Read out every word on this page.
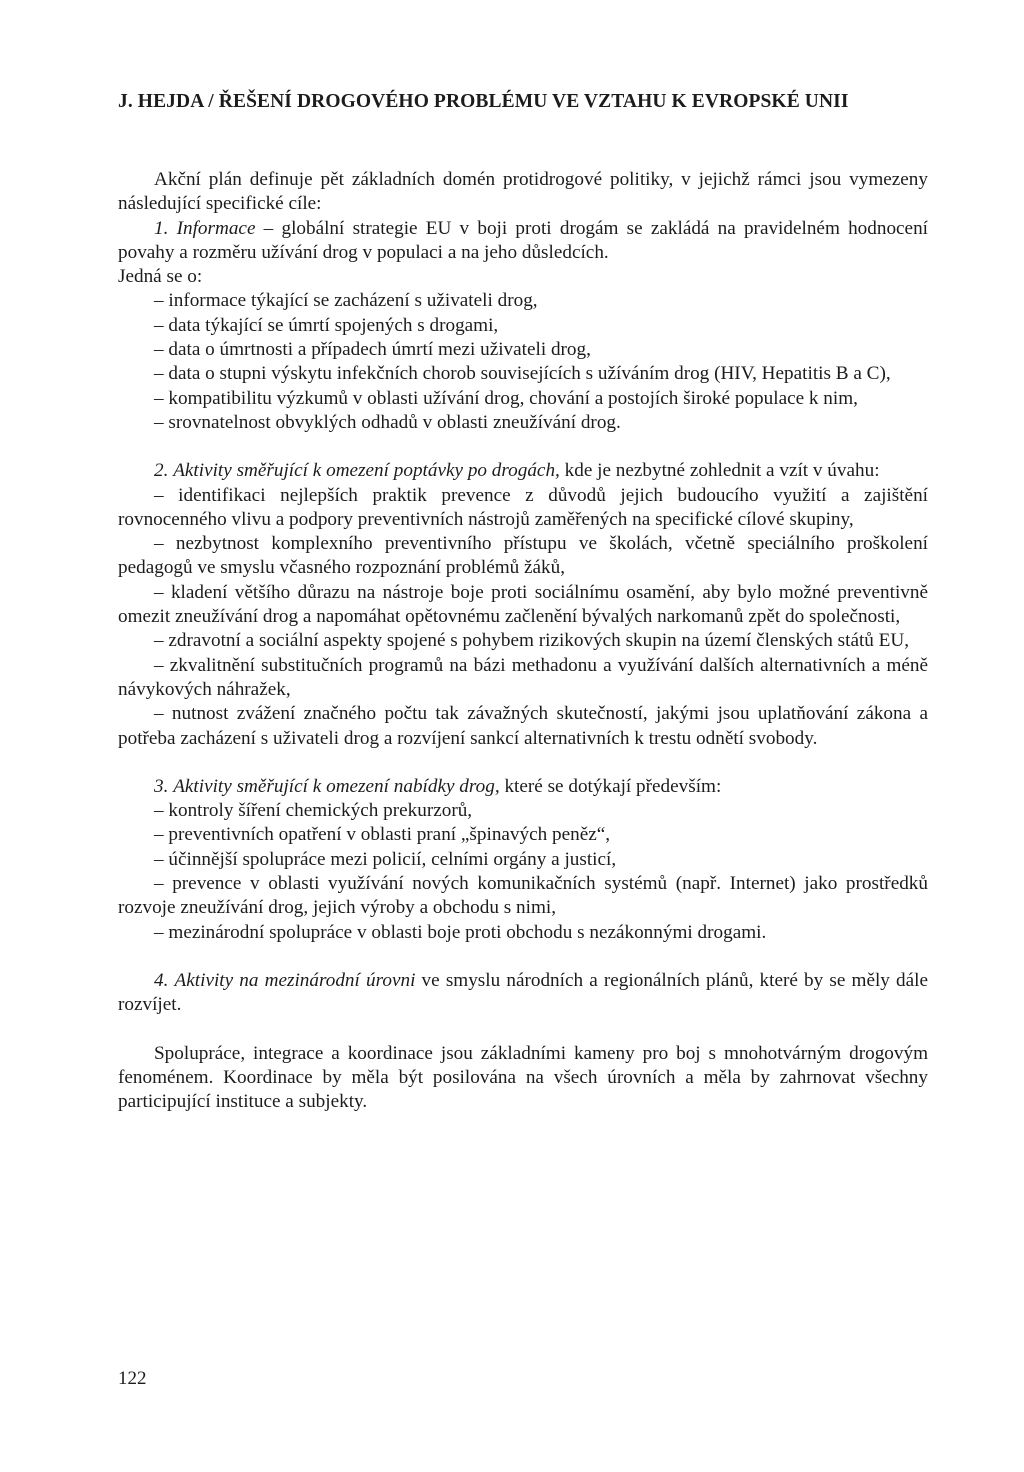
J. HEJDA / ŘEŠENÍ DROGOVÉHO PROBLÉMU VE VZTAHU K EVROPSKÉ UNII

Akční plán definuje pět základních domén protidrogové politiky, v jejichž rámci jsou vymezeny následující specifické cíle:

1. Informace – globální strategie EU v boji proti drogám se zakládá na pravidelném hodnocení povahy a rozměru užívání drog v populaci a na jeho důsledcích.

Jedná se o:

– informace týkající se zacházení s uživateli drog,

– data týkající se úmrtí spojených s drogami,

– data o úmrtnosti a případech úmrtí mezi uživateli drog,

– data o stupni výskytu infekčních chorob souvisejících s užíváním drog (HIV, Hepatitis B a C),

– kompatibilitu výzkumů v oblasti užívání drog, chování a postojích široké populace k nim,

– srovnatelnost obvyklých odhadů v oblasti zneužívání drog.

2. Aktivity směřující k omezení poptávky po drogách, kde je nezbytné zohlednit a vzít v úvahu:

– identifikaci nejlepších praktik prevence z důvodů jejich budoucího využití a zajištění rovnocenného vlivu a podpory preventivních nástrojů zaměřených na specifické cílové skupiny,

– nezbytnost komplexního preventivního přístupu ve školách, včetně speciálního proškolení pedagogů ve smyslu včasného rozpoznání problémů žáků,

– kladení většího důrazu na nástroje boje proti sociálnímu osamění, aby bylo možné preventivně omezit zneužívání drog a napomáhat opětovnému začlenění bývalých narkomanů zpět do společnosti,

– zdravotní a sociální aspekty spojené s pohybem rizikových skupin na území členských států EU,

– zkvalitnění substitučních programů na bázi methadonu a využívání dalších alternativních a méně návykových náhražek,

– nutnost zvážení značného počtu tak závažných skutečností, jakými jsou uplatňování zákona a potřeba zacházení s uživateli drog a rozvíjení sankcí alternativních k trestu odnětí svobody.

3. Aktivity směřující k omezení nabídky drog, které se dotýkají především:

– kontroly šíření chemických prekurzorů,

– preventivních opatření v oblasti praní „špinavých peněz“,

– účinnější spolupráce mezi policií, celními orgány a justicí,

– prevence v oblasti využívání nových komunikačních systémů (např. Internet) jako prostředků rozvoje zneužívání drog, jejich výroby a obchodu s nimi,

– mezinárodní spolupráce v oblasti boje proti obchodu s nezákonnými drogami.

4. Aktivity na mezinárodní úrovni ve smyslu národních a regionálních plánů, které by se měly dále rozvíjet.

Spolupráce, integrace a koordinace jsou základními kameny pro boj s mnohotvárným drogovým fenoménem. Koordinace by měla být posilována na všech úrovních a měla by zahrnovat všechny participující instituce a subjekty.

122
